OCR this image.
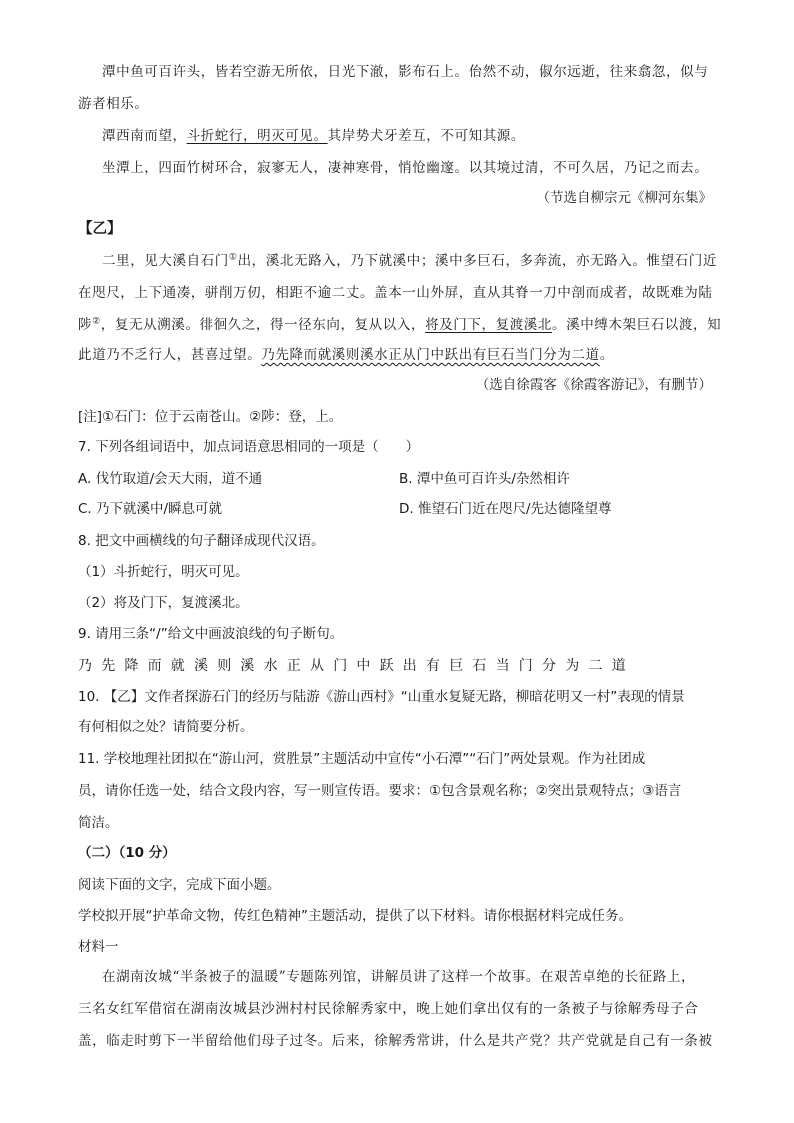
潭中鱼可百许头，皆若空游无所依，日光下澈，影布石上。佁然不动，俶尔远逝，往来翕忽，似与
游者相乐。
潭西南而望，斗折蛇行，明灭可见。其岸势犬牙差互，不可知其源。
坐潭上，四面竹树环合，寂寥无人，凄神寒骨，悄怆幽邃。以其境过清，不可久居，乃记之而去。
（节选自柳宗元《柳河东集》
【乙】
二里，见大溪自石门①出，溪北无路入，乃下就溪中；溪中多巨石，多奔流，亦无路入。惟望石门近
在咫尺，上下通凑，骈削万仞，相距不逾二丈。盖本一山外屏，直从其脊一刀中剖而成者，故既难为陆
陟②，复无从溯溪。徘徊久之，得一径东向，复从以入，将及门下，复渡溪北。溪中缚木架巨石以渡，知
此道乃不乏行人，甚喜过望。乃先降而就溪则溪水正从门中跃出有巨石当门分为二道。
（选自徐霞客《徐霞客游记》，有删节）
[注]①石门：位于云南苍山。②陟：登，上。
7. 下列各组词语中，加点词语意思相同的一项是（　　）
A. 伐竹取道/会天大雨，道不通	B. 潭中鱼可百许头/杂然相许
C. 乃下就溪中/瞬息可就	D. 惟望石门近在咫尺/先达德隆望尊
8. 把文中画横线的句子翻译成现代汉语。
（1）斗折蛇行，明灭可见。
（2）将及门下，复渡溪北。
9. 请用三条“/”给文中画波浪线的句子断句。
乃先降而就溪则溪水正从门中跃出有巨石当门分为二道
10. 【乙】文作者探游石门的经历与陆游《游山西村》“山重水复疑无路，柳暗花明又一村”表现的情景
有何相似之处？请简要分析。
11. 学校地理社团拟在“游山河，赏胜景”主题活动中宣传“小石潭”“石门”两处景观。作为社团成
员，请你任选一处，结合文段内容，写一则宣传语。要求：①包含景观名称；②突出景观特点；③语言
简洁。
（二）（10 分）
阅读下面的文字，完成下面小题。
学校拟开展“护革命文物，传红色精神”主题活动，提供了以下材料。请你根据材料完成任务。
材料一
在湖南汝城“半条被子的温暖”专题陈列馆，讲解员讲了这样一个故事。在艰苦卓绝的长征路上，
三名女红军借宿在湖南汝城县沙洲村村民徐解秀家中，晚上她们拿出仅有的一条被子与徐解秀母子合
盖，临走时剪下一半留给他们母子过冬。后来，徐解秀常讲，什么是共产党？共产党就是自己有一条被
